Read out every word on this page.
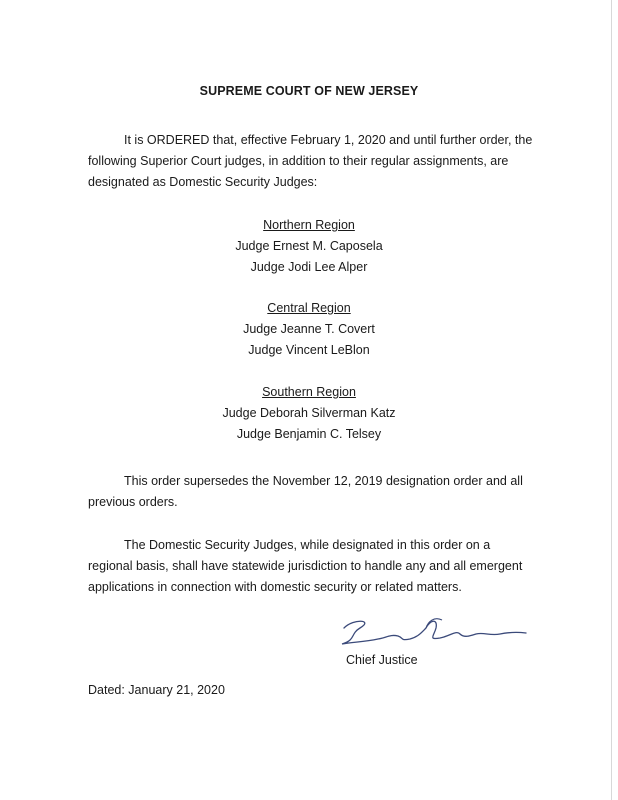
SUPREME COURT OF NEW JERSEY
It is ORDERED that, effective February 1, 2020 and until further order, the
following Superior Court judges, in addition to their regular assignments, are
designated as Domestic Security Judges:
Northern Region
Judge Ernest M. Caposela
Judge Jodi Lee Alper
Central Region
Judge Jeanne T. Covert
Judge Vincent LeBlon
Southern Region
Judge Deborah Silverman Katz
Judge Benjamin C. Telsey
This order supersedes the November 12, 2019 designation order and all
previous orders.
The Domestic Security Judges, while designated in this order on a
regional basis, shall have statewide jurisdiction to handle any and all emergent
applications in connection with domestic security or related matters.
Chief Justice
Dated: January 21, 2020
